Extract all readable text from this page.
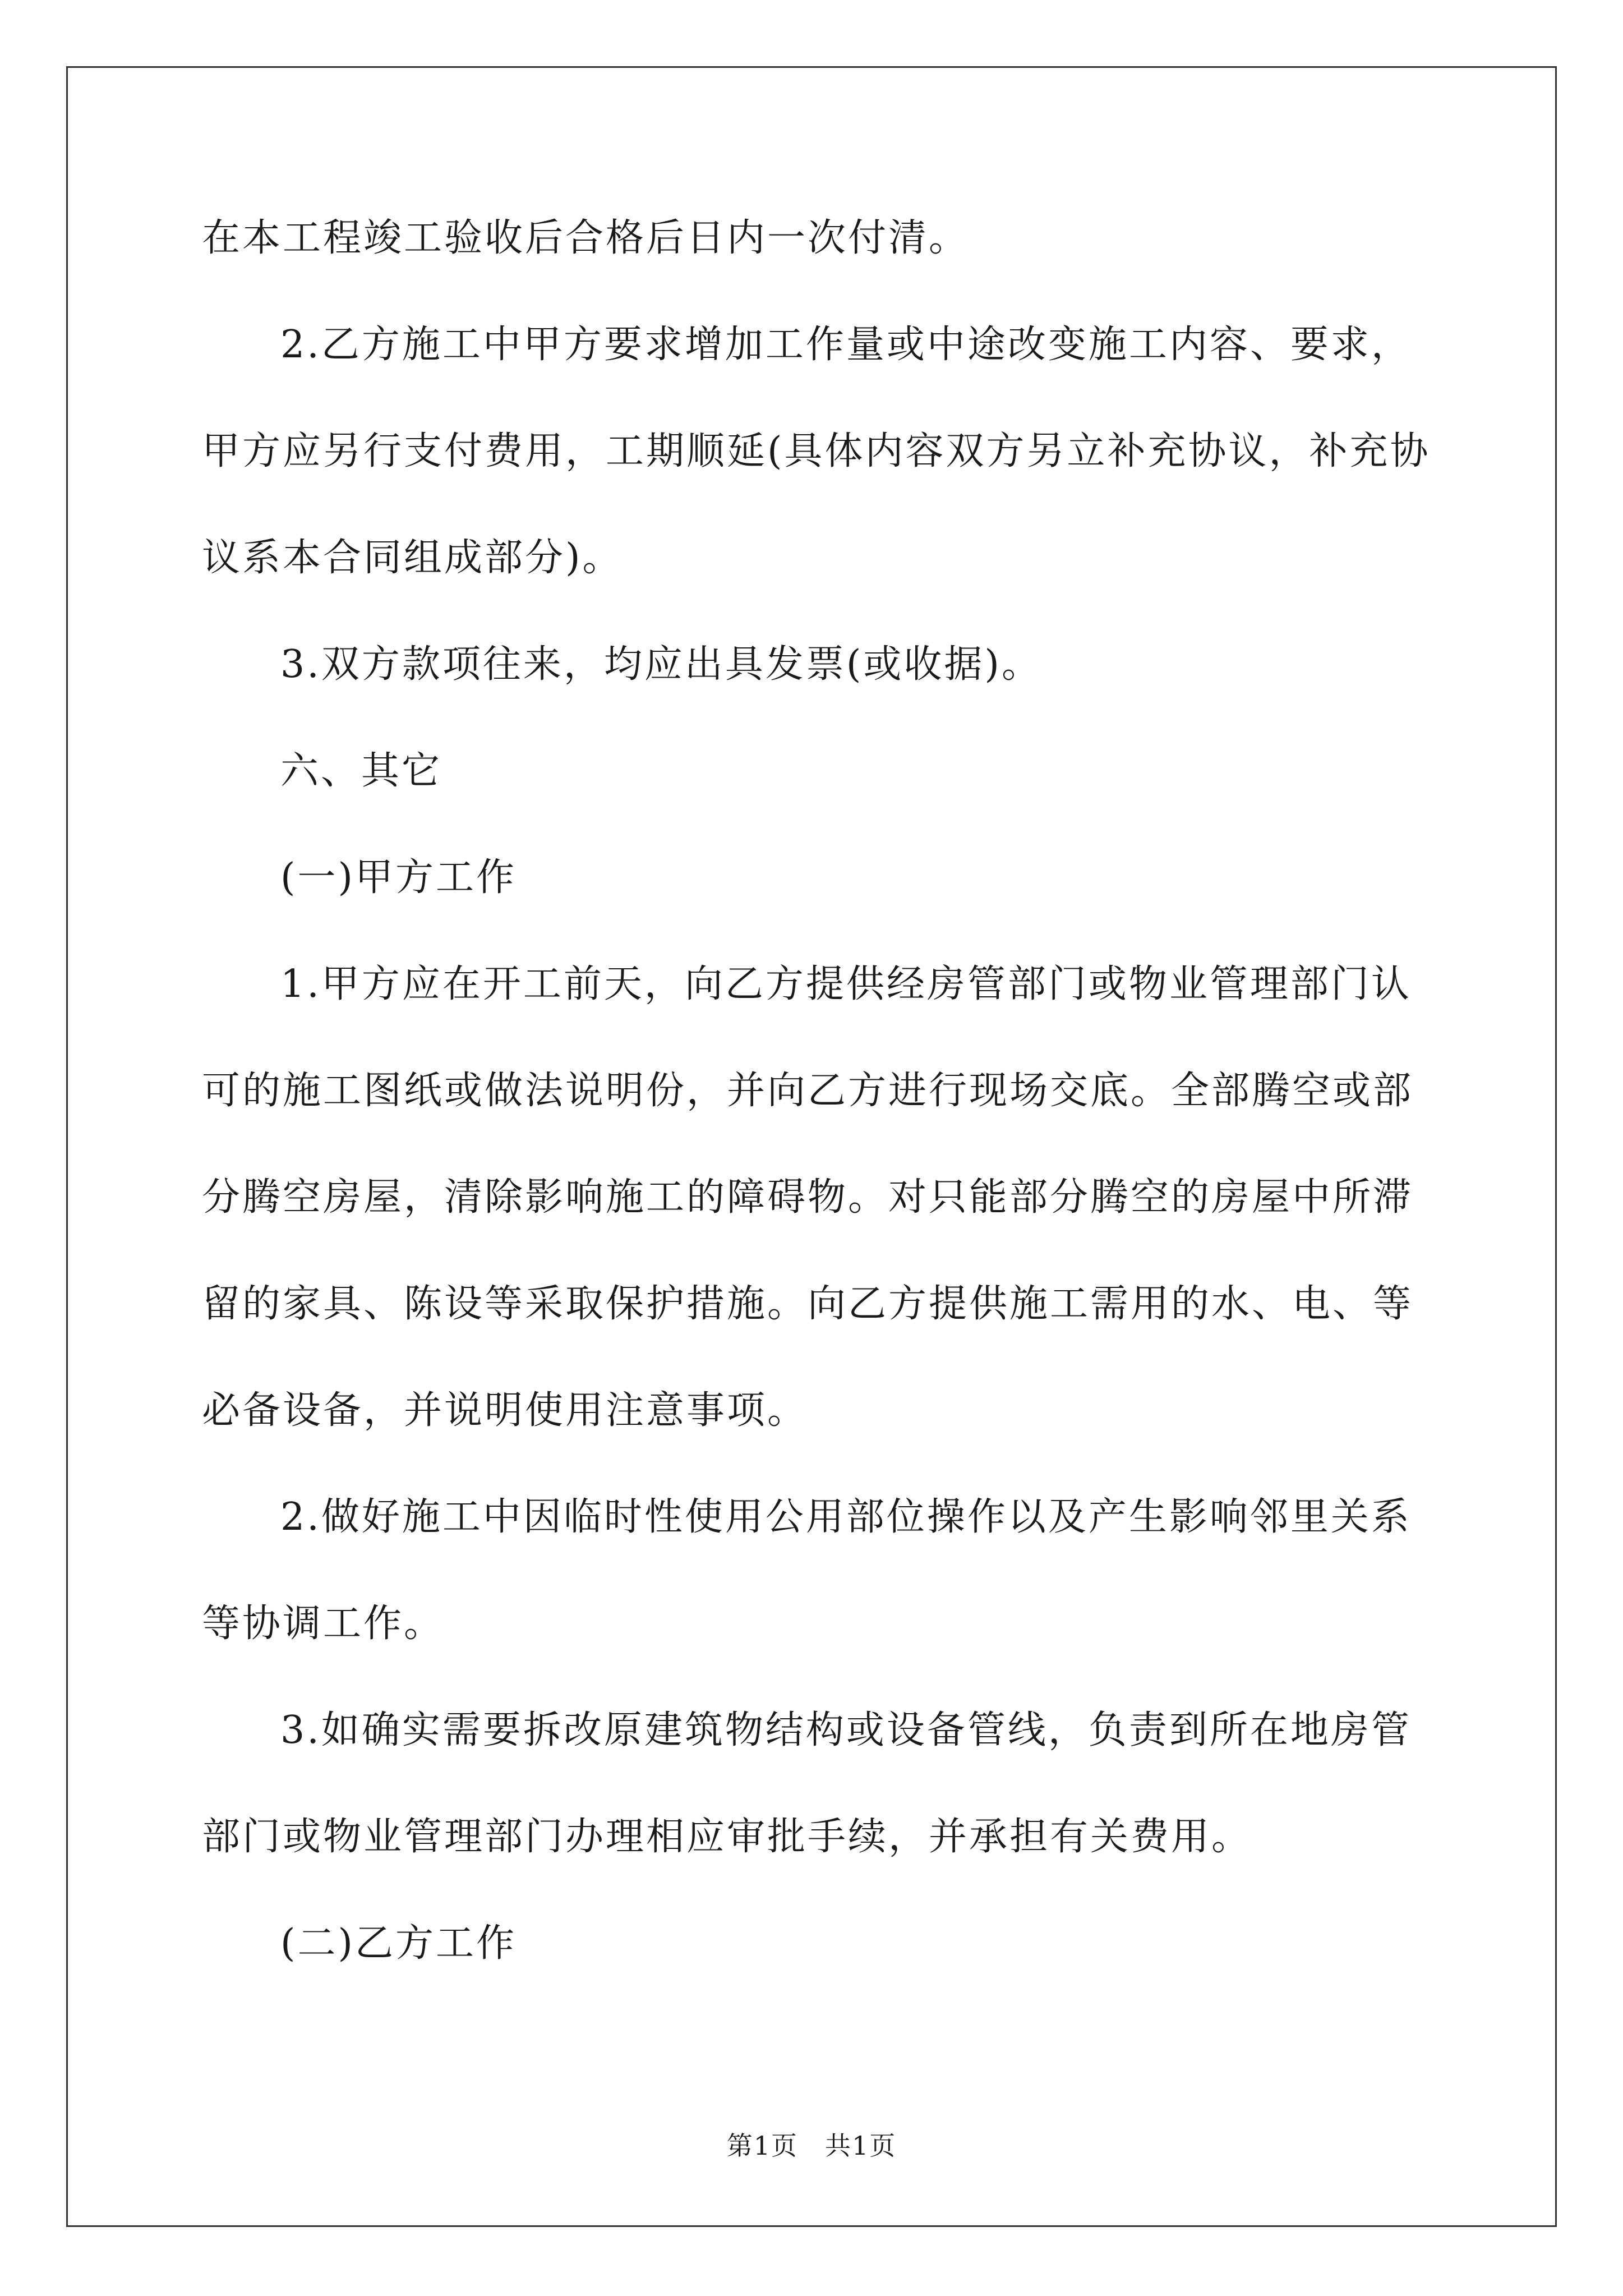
在本工程竣工验收后合格后日内一次付清。
2.乙方施工中甲方要求增加工作量或中途改变施工内容、要求，
甲方应另行支付费用，工期顺延(具体内容双方另立补充协议，补充协
议系本合同组成部分)。
3.双方款项往来，均应出具发票(或收据)。
六、其它
(一)甲方工作
1.甲方应在开工前天，向乙方提供经房管部门或物业管理部门认
可的施工图纸或做法说明份，并向乙方进行现场交底。全部腾空或部
分腾空房屋，清除影响施工的障碍物。对只能部分腾空的房屋中所滞
留的家具、陈设等采取保护措施。向乙方提供施工需用的水、电、等
必备设备，并说明使用注意事项。
2.做好施工中因临时性使用公用部位操作以及产生影响邻里关系
等协调工作。
3.如确实需要拆改原建筑物结构或设备管线，负责到所在地房管
部门或物业管理部门办理相应审批手续，并承担有关费用。
(二)乙方工作
第1页　共1页
